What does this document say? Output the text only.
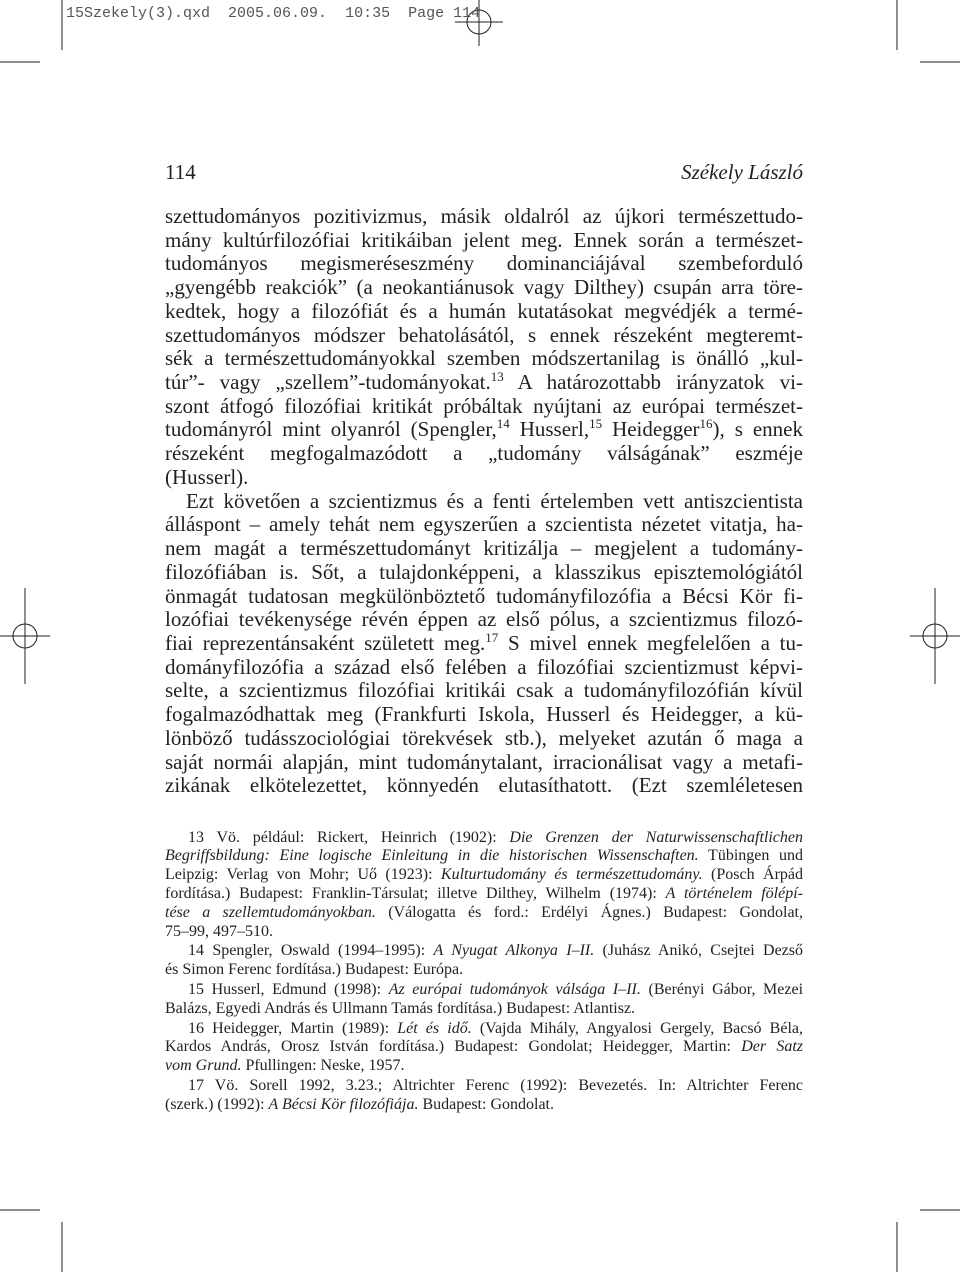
15Szekely(3).qxd 2005.06.09. 10:35 Page 114
114	Székely László
szettudományos pozitivizmus, másik oldalról az újkori természettudo-
mány kultúrfilozófiai kritikáiban jelent meg. Ennek során a természet-
tudományos megismeréseszmény dominanciájával szembeforduló
„gyengébb reakciók” (a neokantiánusok vagy Dilthey) csupán arra töre-
kedtek, hogy a filozófiát és a humán kutatásokat megvédjék a termé-
szettudományos módszer behatolásától, s ennek részeként megteremt-
sék a természettudományokkal szemben módszertanilag is önálló „kul-
túr”- vagy „szellem”-tudományokat.$^{13}$ A határozottabb irányzatok vi-
szont átfogó filozófiai kritikát próbáltak nyújtani az európai természet-
tudományról mint olyanról (Spengler,$^{14}$ Husserl,$^{15}$ Heidegger$^{16}$), s ennek
részeként megfogalmazódott a „tudomány válságának” eszméje
(Husserl).
Ezt követően a szcientizmus és a fenti értelemben vett antiszcientista
álláspont – amely tehát nem egyszerűen a szcientista nézetet vitatja, ha-
nem magát a természettudományt kritizálja – megjelent a tudomány-
filozófiában is. Sőt, a tulajdonképpeni, a klasszikus episztemológiától
önmagát tudatosan megkülönböztető tudományfilozófia a Bécsi Kör fi-
lozófiai tevékenysége révén éppen az első pólus, a szcientizmus filozó-
fiai reprezentánsaként született meg.$^{17}$ S mivel ennek megfelelően a tu-
dományfilozófia a század első felében a filozófiai szcientizmust képvi-
selte, a szcientizmus filozófiai kritikái csak a tudományfilozófián kívül
fogalmazódhattak meg (Frankfurti Iskola, Husserl és Heidegger, a kü-
lönböző tudásszociológiai törekvések stb.), melyeket azután ő maga a
saját normái alapján, mint tudománytalant, irracionálisat vagy a metafi-
zikának elkötelezettet, könnyedén elutasíthatott. (Ezt szemléletesen
13 Vö. például: Rickert, Heinrich (1902): Die Grenzen der Naturwissenschaftlichen
Begriffsbildung: Eine logische Einleitung in die historischen Wissenschaften. Tübingen und
Leipzig: Verlag von Mohr; Uő (1923): Kulturtudomány és természettudomány. (Posch Árpád
fordítása.) Budapest: Franklin-Társulat; illetve Dilthey, Wilhelm (1974): A történelem fölépí-
tése a szellemtudományokban. (Válogatta és ford.: Erdélyi Ágnes.) Budapest: Gondolat,
75–99, 497–510.
14 Spengler, Oswald (1994–1995): A Nyugat Alkonya I–II. (Juhász Anikó, Csejtei Dezső
és Simon Ferenc fordítása.) Budapest: Európa.
15 Husserl, Edmund (1998): Az európai tudományok válsága I–II. (Berényi Gábor, Mezei
Balázs, Egyedi András és Ullmann Tamás fordítása.) Budapest: Atlantisz.
16 Heidegger, Martin (1989): Lét és idő. (Vajda Mihály, Angyalosi Gergely, Bacsó Béla,
Kardos András, Orosz István fordítása.) Budapest: Gondolat; Heidegger, Martin: Der Satz
vom Grund. Pfullingen: Neske, 1957.
17 Vö. Sorell 1992, 3.23.; Altrichter Ferenc (1992): Bevezetés. In: Altrichter Ferenc
(szerk.) (1992): A Bécsi Kör filozófiája. Budapest: Gondolat.
